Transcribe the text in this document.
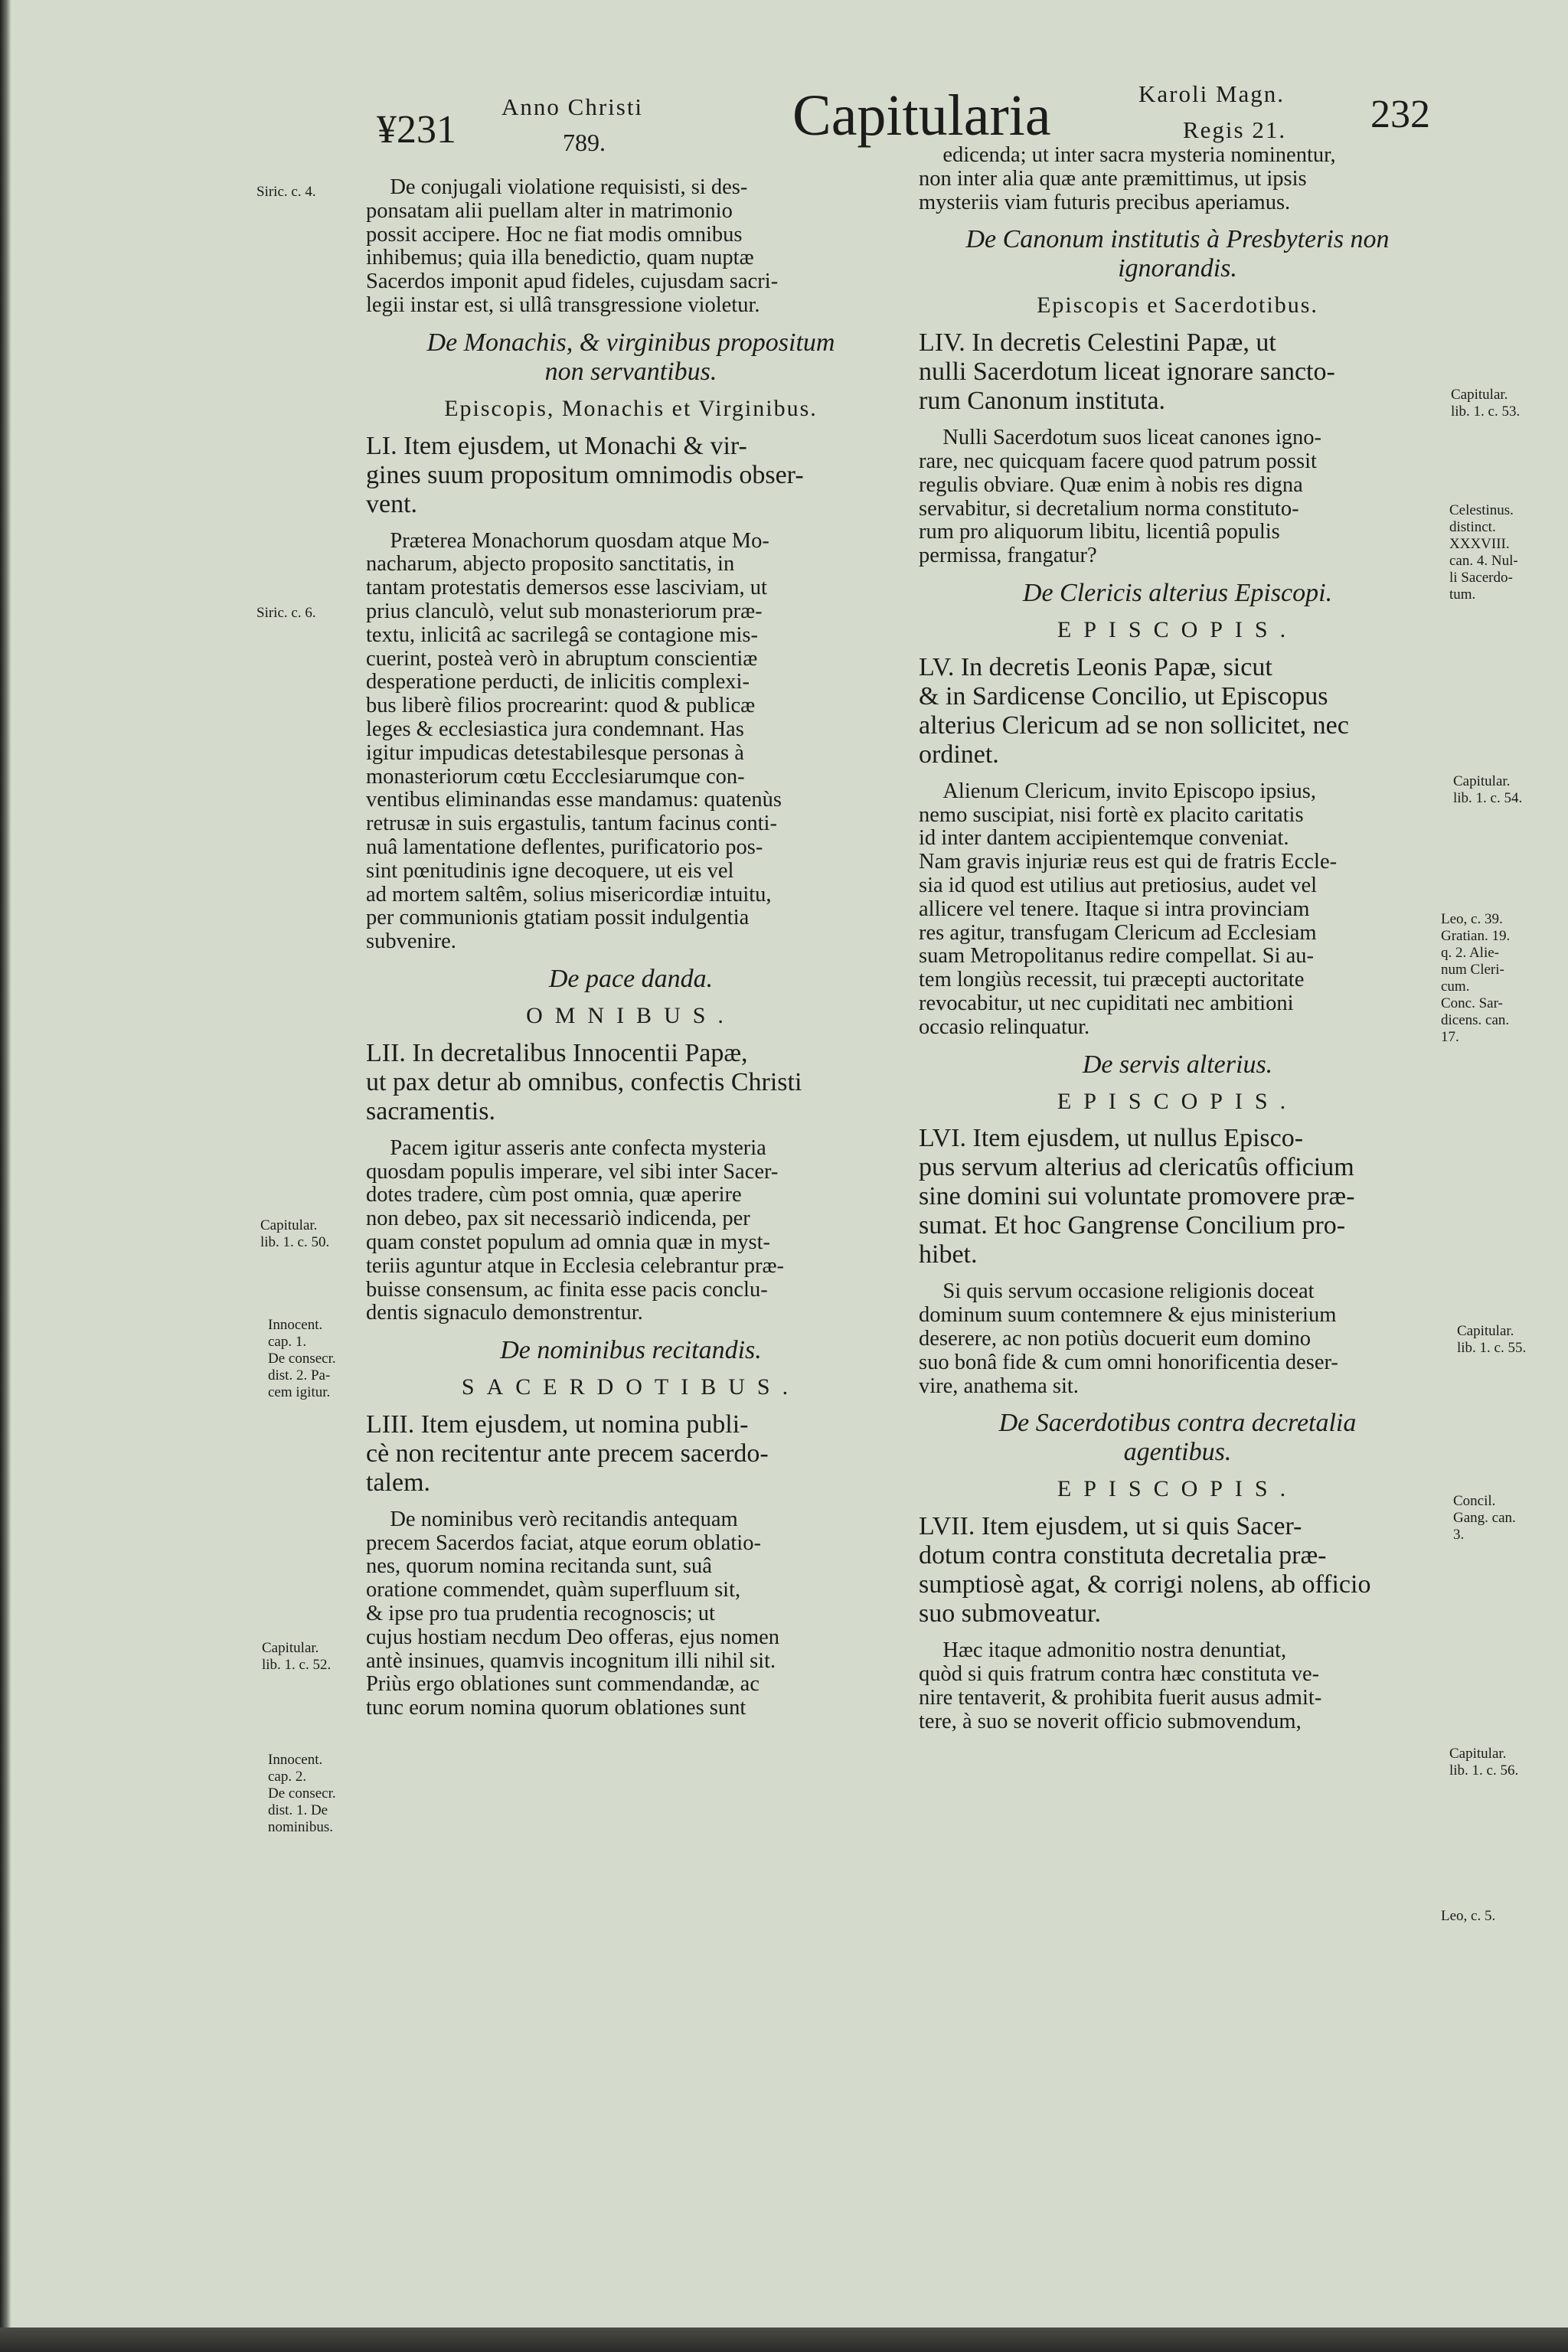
¥231
Anno Christi
789.	Capitularia	Karoli Magn.
Regis 21. 232
De conjugali violatione requisisti, si des-
ponsatam alii puellam alter in matrimonio
possit accipere. Hoc ne fiat modis omnibus
inhibemus; quia illa benedictio, quam nuptæ
Sacerdos imponit apud fideles, cujusdam sacri-
legii instar est, si ullâ transgressione violetur.
De Monachis, & virginibus propositum
non servantibus.
Episcopis, Monachis et Virginibus.
LI. Item ejusdem, ut Monachi & vir-
gines suum propositum omnimodis obser-
vent.
Præterea Monachorum quosdam atque Mo-
nacharum, abjecto proposito sanctitatis, in
tantam protestatis demersos esse lasciviam, ut
prius clanculò, velut sub monasteriorum præ-
textu, inlicitâ ac sacrilegâ se contagione mis-
cuerint, posteà verò in abruptum conscientiæ
desperatione perducti, de inlicitis complexi-
bus liberè filios procrearint: quod & publicæ
leges & ecclesiastica jura condemnant. Has
igitur impudicas detestabilesque personas à
monasteriorum cœtu Eccclesiarumque con-
ventibus eliminandas esse mandamus: quatenùs
retrusæ in suis ergastulis, tantum facinus conti-
nuâ lamentatione deflentes, purificatorio pos-
sint pœnitudinis igne decoquere, ut eis vel
ad mortem saltêm, solius misericordiæ intuitu,
per communionis gtatiam possit indulgentia
subvenire.
De pace danda.
OMNIBUS.
LII. In decretalibus Innocentii Papæ,
ut pax detur ab omnibus, confectis Christi
sacramentis.
Pacem igitur asseris ante confecta mysteria
quosdam populis imperare, vel sibi inter Sacer-
dotes tradere, cùm post omnia, quæ aperire
non debeo, pax sit necessariò indicenda, per
quam constet populum ad omnia quæ in myst-
teriis aguntur atque in Ecclesia celebrantur præ-
buisse consensum, ac finita esse pacis conclu-
dentis signaculo demonstrentur.
De nominibus recitandis.
SACERDOTIBUS.
LIII. Item ejusdem, ut nomina publi-
cè non recitentur ante precem sacerdo-
talem.
De nominibus verò recitandis antequam
precem Sacerdos faciat, atque eorum oblatio-
nes, quorum nomina recitanda sunt, suâ
oratione commendet, quàm superfluum sit,
& ipse pro tua prudentia recognoscis; ut
cujus hostiam necdum Deo offeras, ejus nomen
antè insinues, quamvis incognitum illi nihil sit.
Priùs ergo oblationes sunt commendandæ, ac
tunc eorum nomina quorum oblationes sunt
edicenda; ut inter sacra mysteria nominentur,
non inter alia quæ ante præmittimus, ut ipsis
mysteriis viam futuris precibus aperiamus.
De Canonum institutis à Presbyteris non
ignorandis.
Episcopis et Sacerdotibus.
LIV. In decretis Celestini Papæ, ut
nulli Sacerdotum liceat ignorare sancto-
rum Canonum instituta.
Nulli Sacerdotum suos liceat canones igno-
rare, nec quicquam facere quod patrum possit
regulis obviare. Quæ enim à nobis res digna
servabitur, si decretalium norma constituto-
rum pro aliquorum libitu, licentiâ populis
permissa, frangatur?
De Clericis alterius Episcopi.
EPISCOPIS.
LV. In decretis Leonis Papæ, sicut
& in Sardicense Concilio, ut Episcopus
alterius Clericum ad se non sollicitet, nec
ordinet.
Alienum Clericum, invito Episcopo ipsius,
nemo suscipiat, nisi fortè ex placito caritatis
id inter dantem accipientemque conveniat.
Nam gravis injuriæ reus est qui de fratris Eccle-
sia id quod est utilius aut pretiosius, audet vel
allicere vel tenere. Itaque si intra provinciam
res agitur, transfugam Clericum ad Ecclesiam
suam Metropolitanus redire compellat. Si au-
tem longiùs recessit, tui præcepti auctoritate
revocabitur, ut nec cupiditati nec ambitioni
occasio relinquatur.
De servis alterius.
EPISCOPIS.
LVI. Item ejusdem, ut nullus Episco-
pus servum alterius ad clericatûs officium
sine domini sui voluntate promovere præ-
sumat. Et hoc Gangrense Concilium pro-
hibet.
Si quis servum occasione religionis doceat
dominum suum contemnere & ejus ministerium
deserere, ac non potiùs docuerit eum domino
suo bonâ fide & cum omni honorificentia deser-
vire, anathema sit.
De Sacerdotibus contra decretalia
agentibus.
EPISCOPIS.
LVII. Item ejusdem, ut si quis Sacer-
dotum contra constituta decretalia præ-
sumptiosè agat, & corrigi nolens, ab officio
suo submoveatur.
Hæc itaque admonitio nostra denuntiat,
quòd si quis fratrum contra hæc constituta ve-
nire tentaverit, & prohibita fuerit ausus admit-
tere, à suo se noverit officio submovendum,
Siric. c. 4.
Siric. c. 6.
Capitular.
lib. 1. c. 50.
Innocent.
cap. 1.
De consecr.
dist. 2. Pa-
cem igitur.
Capitular.
lib. 1. c. 52.
Innocent.
cap. 2.
De consecr.
dist. 1. De
nominibus.
Capitular.
lib. 1. c. 53.
Celestinus.
distinct.
XXXVIII.
can. 4. Nul-
li Sacerdo-
tum.
Capitular.
lib. 1. c. 54.
Leo, c. 39.
Gratian. 19.
q. 2. Alie-
num Cleri-
cum.
Conc. Sar-
dicens. can.
17.
Capitular.
lib. 1. c. 55.
Concil.
Gang. can.
3.
Capitular.
lib. 1. c. 56.
Leo, c. 5.
